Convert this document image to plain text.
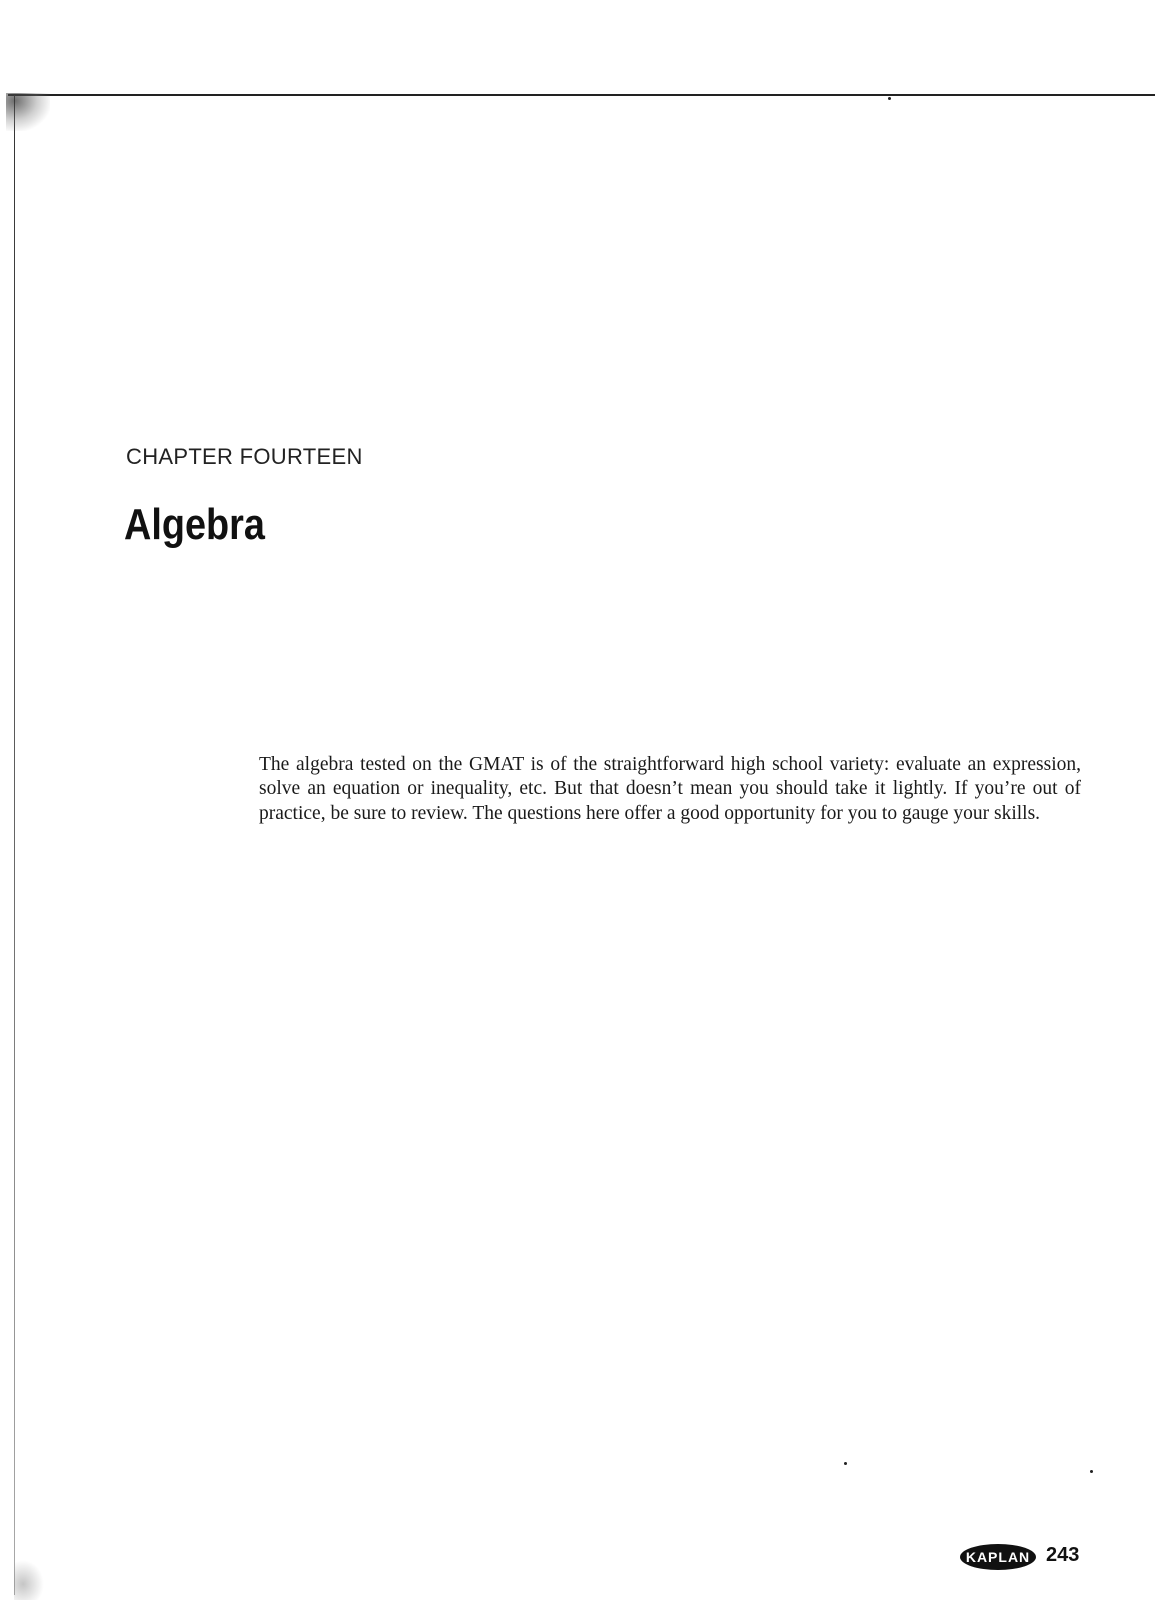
CHAPTER FOURTEEN
Algebra

The algebra tested on the GMAT is of the straightforward high school variety: evaluate an expression, solve an equation or inequality, etc. But that doesn’t mean you should take it lightly. If you’re out of practice, be sure to review. The questions here offer a good opportunity for you to gauge your skills.

KAPLAN 243
